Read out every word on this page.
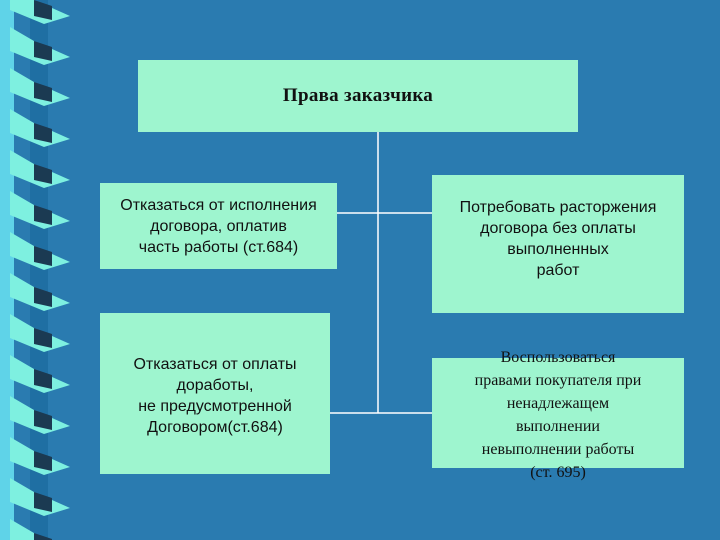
Права заказчика
Отказаться от исполнения
договора, оплатив
часть работы (ст.684)
Потребовать расторжения
договора без оплаты
выполненных
работ
Отказаться от оплаты
доработы,
не предусмотренной
Договором(ст.684)
Воспользоваться
правами покупателя при
ненадлежащем
выполнении
невыполнении работы
(ст. 695)
